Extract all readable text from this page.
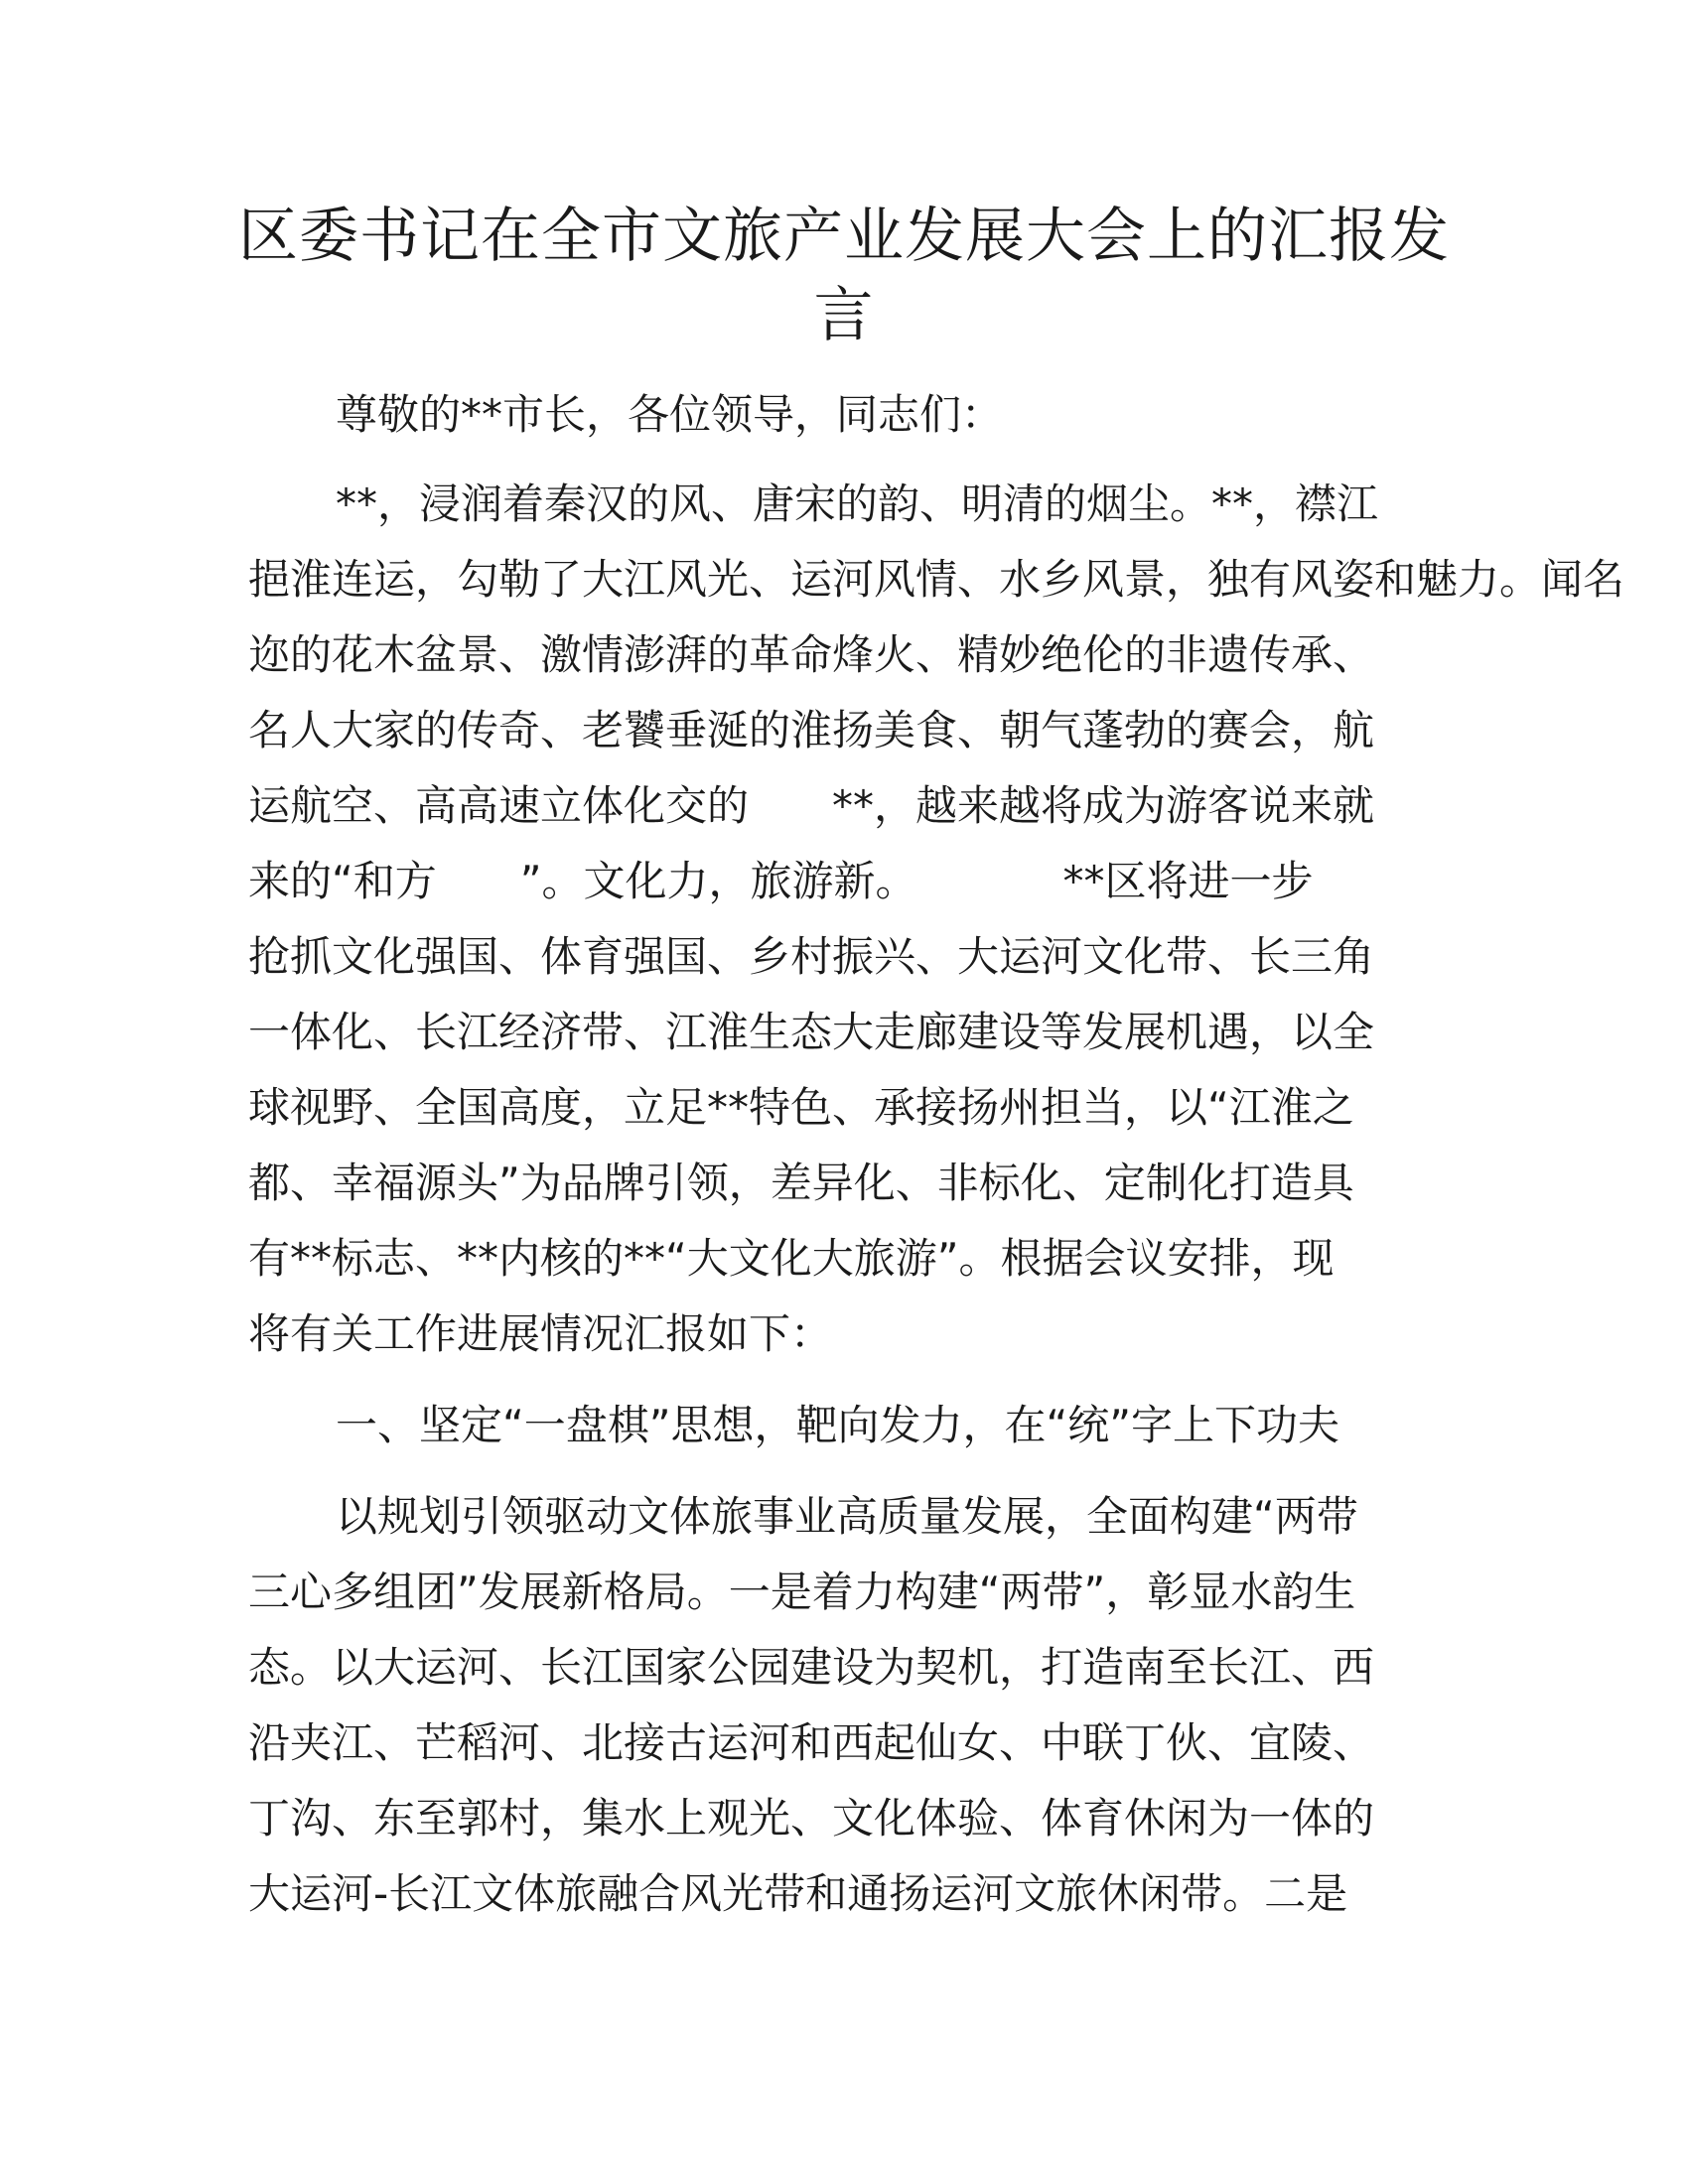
区委书记在全市文旅产业发展大会上的汇报发
言

尊敬的**市长，各位领导，同志们：

**，浸润着秦汉的风、唐宋的韵、明清的烟尘。**，襟江

挹淮连运，勾勒了大江风光、运河风情、水乡风景，独有风姿和魅力。闻名

迩的花木盆景、激情澎湃的革命烽火、精妙绝伦的非遗传承、

名人大家的传奇、老饕垂涎的淮扬美食、朝气蓬勃的赛会，航

运航空、高高速立体化交的　　**，越来越将成为游客说来就

来的“和方　　”。文化力，旅游新。　　　　**区将进一步

抢抓文化强国、体育强国、乡村振兴、大运河文化带、长三角

一体化、长江经济带、江淮生态大走廊建设等发展机遇，以全

球视野、全国高度，立足**特色、承接扬州担当，以“江淮之

都、幸福源头”为品牌引领，差异化、非标化、定制化打造具

有**标志、**内核的**“大文化大旅游”。根据会议安排，现

将有关工作进展情况汇报如下：

一、坚定“一盘棋”思想，靶向发力，在“统”字上下功夫

以规划引领驱动文体旅事业高质量发展，全面构建“两带

三心多组团”发展新格局。一是着力构建“两带”，彰显水韵生

态。以大运河、长江国家公园建设为契机，打造南至长江、西

沿夹江、芒稻河、北接古运河和西起仙女、中联丁伙、宜陵、

丁沟、东至郭村，集水上观光、文化体验、体育休闲为一体的

大运河-长江文体旅融合风光带和通扬运河文旅休闲带。二是
